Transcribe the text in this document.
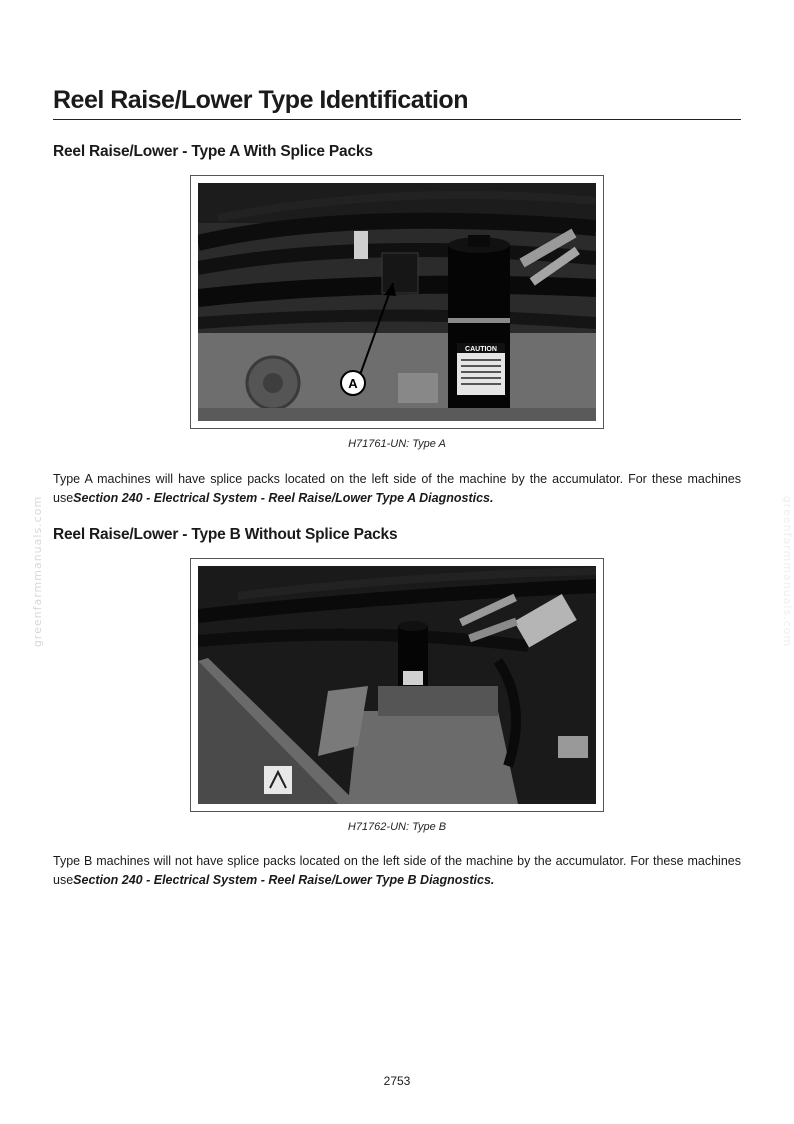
greenfarmmanuals.com	greenfarmmanuals.com
Reel Raise/Lower Type Identification
Reel Raise/Lower - Type A With Splice Packs
CAUTION
A
H71761-UN: Type A

Type A machines will have splice packs located on the left side of the machine by the accumulator. For these machines useSection 240 - Electrical System - Reel Raise/Lower Type A Diagnostics.

Reel Raise/Lower - Type B Without Splice Packs
H71762-UN: Type B

Type B machines will not have splice packs located on the left side of the machine by the accumulator. For these machines useSection 240 - Electrical System - Reel Raise/Lower Type B Diagnostics.

2753
